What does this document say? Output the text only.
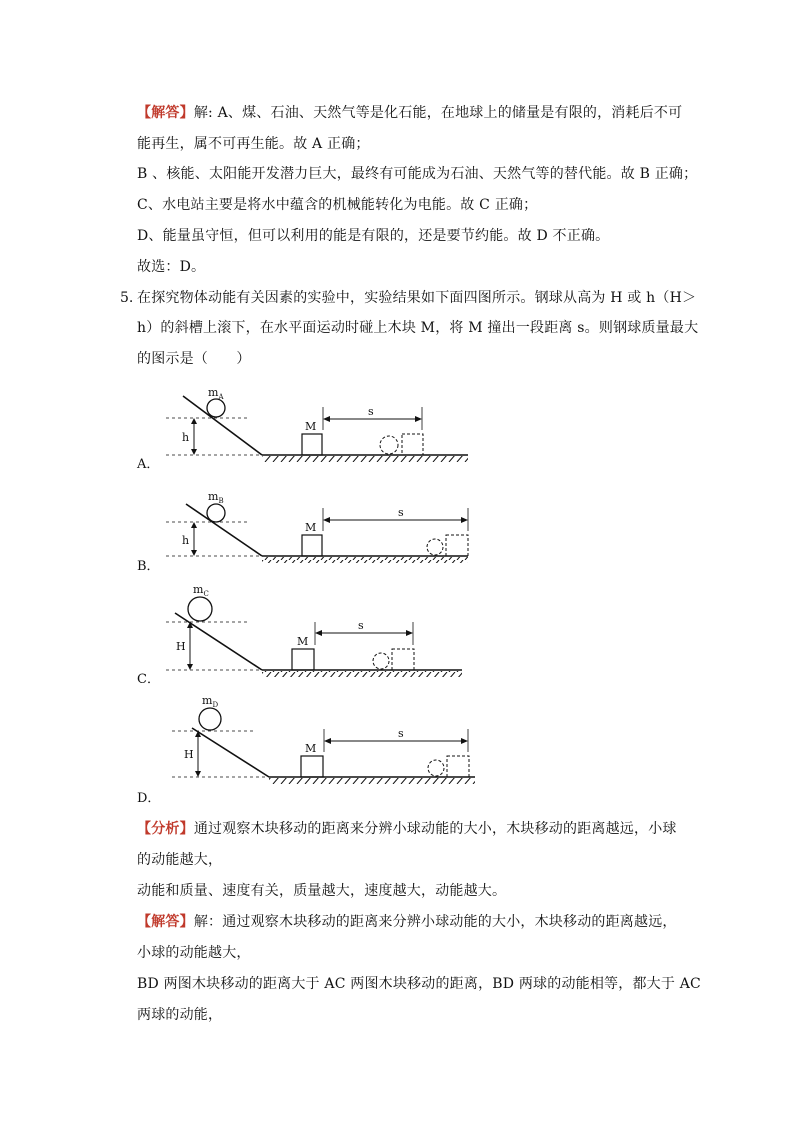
【解答】解: A、煤、石油、天然气等是化石能，在地球上的储量是有限的，消耗后不可
能再生，属不可再生能。故 A 正确；
B 、核能、太阳能开发潜力巨大，最终有可能成为石油、天然气等的替代能。故 B 正确；
C、水电站主要是将水中蕴含的机械能转化为电能。故 C 正确；
D、能量虽守恒，但可以利用的能是有限的，还是要节约能。故 D 不正确。
故选：D。
5. 在探究物体动能有关因素的实验中，实验结果如下面四图所示。钢球从高为 H 或 h（H＞
h）的斜槽上滚下，在水平面运动时碰上木块 M，将 M 撞出一段距离 s。则钢球质量最大
的图示是（　　）
$m_A$
h
M
s
$m_B$
h
M
s
$m_C$
H	M
s
$m_D$
H	M
s
A．
B．
C．
D．
【分析】通过观察木块移动的距离来分辨小球动能的大小，木块移动的距离越远，小球
的动能越大，
动能和质量、速度有关，质量越大，速度越大，动能越大。
【解答】解：通过观察木块移动的距离来分辨小球动能的大小，木块移动的距离越远，
小球的动能越大，
BD 两图木块移动的距离大于 AC 两图木块移动的距离，BD 两球的动能相等，都大于 AC
两球的动能，
